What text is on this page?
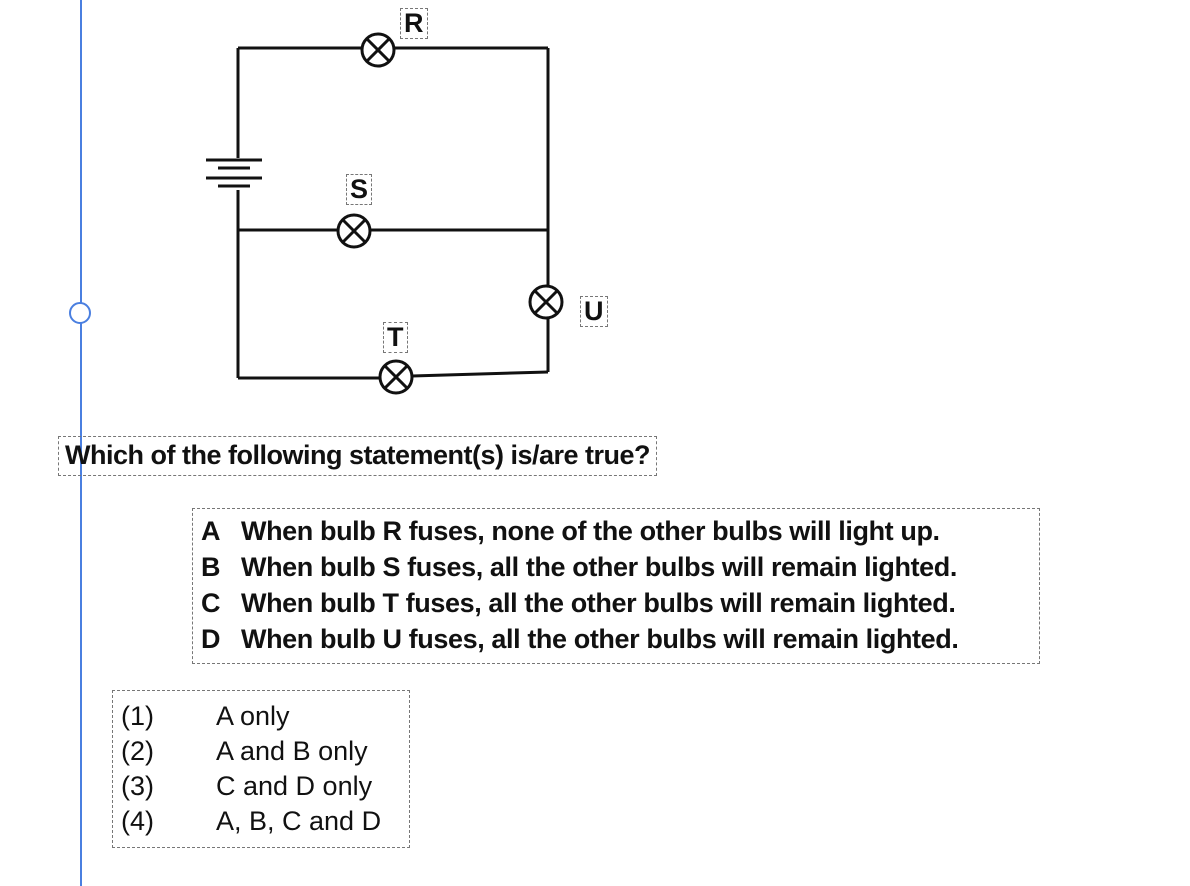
R
S
U
T
Which of the following statement(s) is/are true?
A When bulb R fuses, none of the other bulbs will light up.
B When bulb S fuses, all the other bulbs will remain lighted.
C When bulb T fuses, all the other bulbs will remain lighted.
D When bulb U fuses, all the other bulbs will remain lighted.
(1) A only
(2) A and B only
(3) C and D only
(4) A, B, C and D
